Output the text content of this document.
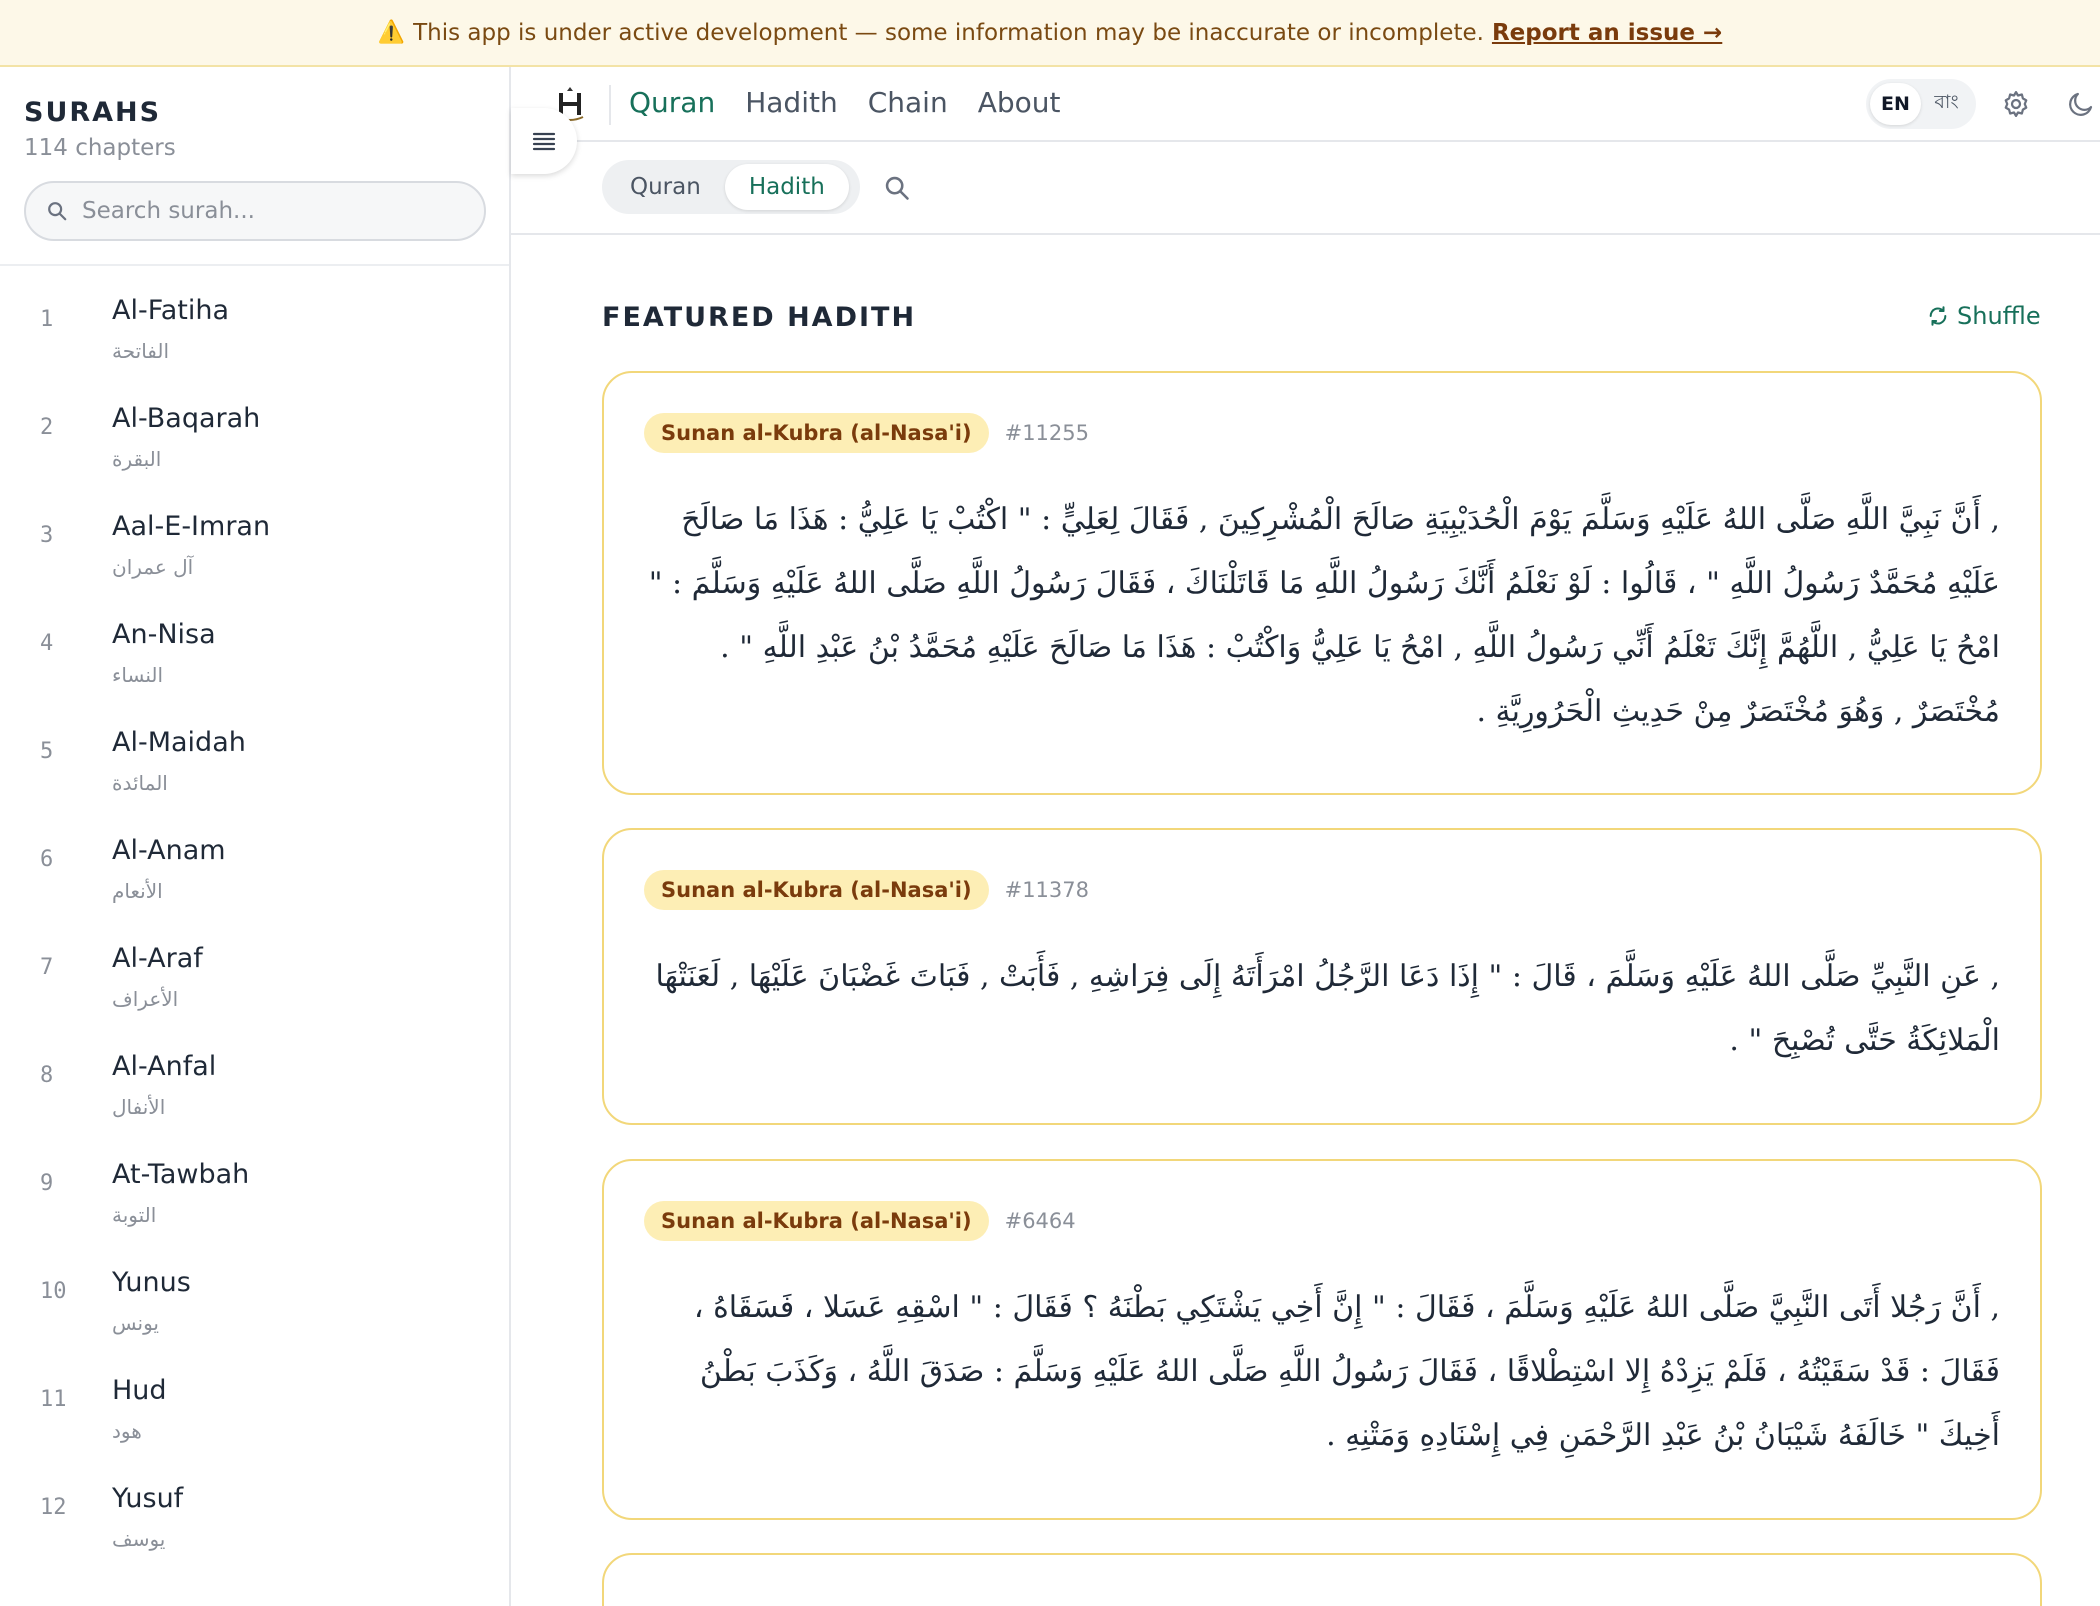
⚠️ This app is under active development — some information may be inaccurate or incomplete. Report an issue →
SURAHS
114 chapters
Search surah...
1 Al-Fatiha
الفاتحة
2 Al-Baqarah
البقرة
3 Aal-E-Imran
آل عمران
4 An-Nisa
النساء
5 Al-Maidah
المائدة
6 Al-Anam
الأنعام
7 Al-Araf
الأعراف
8 Al-Anfal
الأنفال
9 At-Tawbah
التوبة
10 Yunus
يونس
11 Hud
هود
12 Yusuf
يوسف
Quran Hadith Chain About	EN	বাং
Quran	Hadith
FEATURED HADITH	Shuffle
Sunan al-Kubra (al-Nasa'i)	#11255
, أَنَّ نَبِيَّ اللَّهِ صَلَّى اللهُ عَلَيْهِ وَسَلَّمَ يَوْمَ الْحُدَيْبِيَةِ صَالَحَ الْمُشْرِكِينَ , فَقَالَ لِعَلِيٍّ : " اكْتُبْ يَا عَلِيُّ : هَذَا مَا صَالَحَ عَلَيْهِ مُحَمَّدٌ رَسُولُ اللَّهِ " ، قَالُوا : لَوْ نَعْلَمُ أَنَّكَ رَسُولُ اللَّهِ مَا قَاتَلْنَاكَ ، فَقَالَ رَسُولُ اللَّهِ صَلَّى اللهُ عَلَيْهِ وَسَلَّمَ : " امْحُ يَا عَلِيُّ , اللَّهُمَّ إِنَّكَ تَعْلَمُ أَنِّي رَسُولُ اللَّهِ , امْحُ يَا عَلِيُّ وَاكْتُبْ : هَذَا مَا صَالَحَ عَلَيْهِ مُحَمَّدُ بْنُ عَبْدِ اللَّهِ " . مُخْتَصَرٌ , وَهُوَ مُخْتَصَرٌ مِنْ حَدِيثِ الْحَرُورِيَّةِ .
Sunan al-Kubra (al-Nasa'i)	#11378
, عَنِ النَّبِيِّ صَلَّى اللهُ عَلَيْهِ وَسَلَّمَ ، قَالَ : " إِذَا دَعَا الرَّجُلُ امْرَأَتَهُ إِلَى فِرَاشِهِ , فَأَبَتْ , فَبَاتَ غَضْبَانَ عَلَيْهَا , لَعَنَتْهَا الْمَلائِكَةُ حَتَّى تُصْبِحَ " .
Sunan al-Kubra (al-Nasa'i)	#6464
, أَنَّ رَجُلا أَتَى النَّبِيَّ صَلَّى اللهُ عَلَيْهِ وَسَلَّمَ ، فَقَالَ : " إِنَّ أَخِي يَشْتَكِي بَطْنَهُ ؟ فَقَالَ : " اسْقِهِ عَسَلا ، فَسَقَاهُ ، فَقَالَ : قَدْ سَقَيْتُهُ ، فَلَمْ يَزِدْهُ إِلا اسْتِطْلاقًا ، فَقَالَ رَسُولُ اللَّهِ صَلَّى اللهُ عَلَيْهِ وَسَلَّمَ : صَدَقَ اللَّهُ ، وَكَذَبَ بَطْنُ أَخِيكَ " خَالَفَهُ شَيْبَانُ بْنُ عَبْدِ الرَّحْمَنِ فِي إِسْنَادِهِ وَمَتْنِهِ .
